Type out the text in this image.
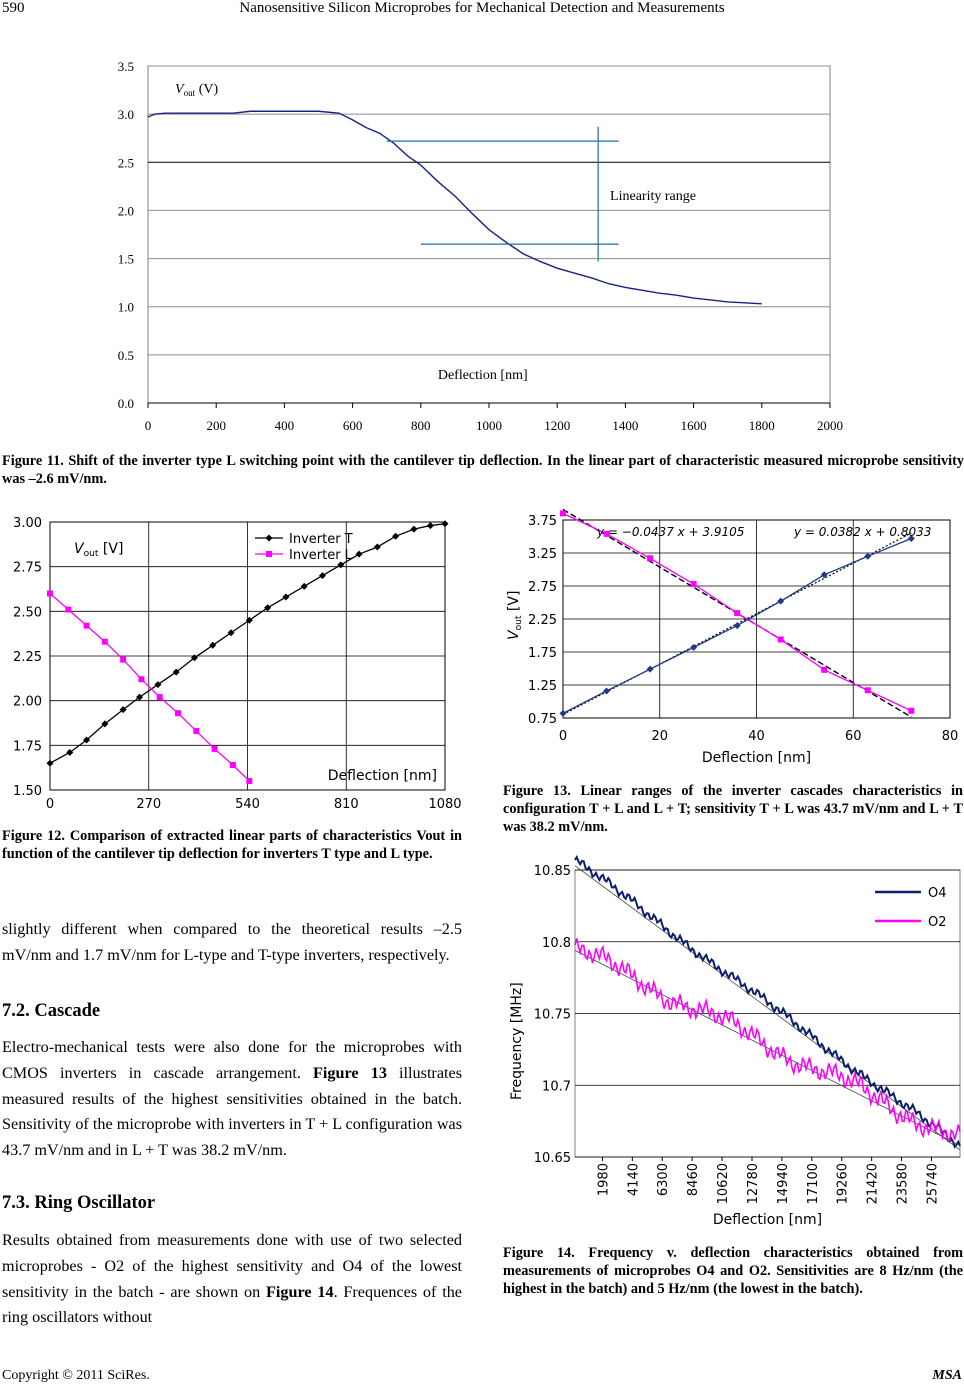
590	Nanosensitive Silicon Microprobes for Mechanical Detection and Measurements
0.0
0.5
1.0
1.5
2.0
2.5
3.0
3.5
0	200	400	600	800	1000	1200	1400	1600	1800	2000
Linearity range
Deflection [nm]
$V_{out}$ (V)
Figure 11. Shift of the inverter type L switching point with the cantilever tip deflection. In the linear part of characteristic measured microprobe sensitivity was –2.6 mV/nm.
1.50
1.75
2.00
2.25
2.50
2.75
3.00
0	270	540	810	1080
Inverter T
Inverter L
$V_{out}$ [V]
Deflection [nm]
Figure 12. Comparison of extracted linear parts of characteristics Vout in function of the cantilever tip deflection for inverters T type and L type.
0.75
1.25
1.75
2.25
2.75
3.25
3.75
0	20	40	60	80
y = −0.0437 x + 3.9105	y = 0.0382 x + 0.8033
$V_{out}$ [V]
Deflection [nm]
Figure 13. Linear ranges of the inverter cascades characteristics in configuration T + L and L + T; sensitivity T + L was 43.7 mV/nm and L + T was 38.2 mV/nm.
10.65
10.7
10.75
10.8
10.85
1980 4140 6300 8460 10620 12780 14940 17100 19260 21420 23580 25740
O4
O2
Frequency [MHz]
Deflection [nm]
Figure 14. Frequency v. deflection characteristics obtained from measurements of microprobes O4 and O2. Sensitivities are 8 Hz/nm (the highest in the batch) and 5 Hz/nm (the lowest in the batch).
slightly different when compared to the theoretical results –2.5 mV/nm and 1.7 mV/nm for L-type and T-type inverters, respectively.
7.2. Cascade
Electro-mechanical tests were also done for the microprobes with CMOS inverters in cascade arrangement. Figure 13 illustrates measured results of the highest sensitivities obtained in the batch. Sensitivity of the microprobe with inverters in T + L configuration was 43.7 mV/nm and in L + T was 38.2 mV/nm.
7.3. Ring Oscillator
Results obtained from measurements done with use of two selected microprobes - O2 of the highest sensitivity and O4 of the lowest sensitivity in the batch - are shown on Figure 14. Frequences of the ring oscillators without
Copyright © 2011 SciRes.	MSA
